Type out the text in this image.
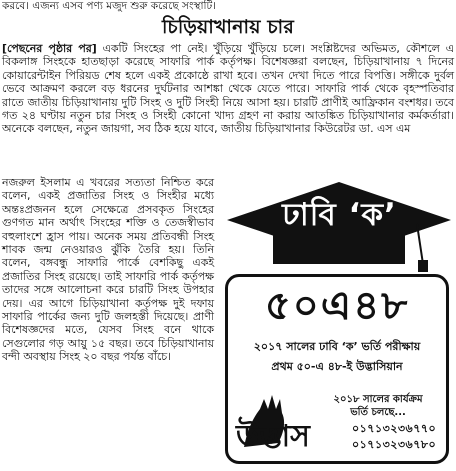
করবে। এজন্য এসব পণ্য মজুদ শুরু করেছে সংস্থাটি।
চিড়িয়াখানায় চার

[পেছনের পৃষ্ঠার পর] একটি সিংহের পা নেই। খুঁড়িয়ে খুঁড়িয়ে চলে। সংশ্লিষ্টদের অভিমত, কৌশলে এ বিকলাঙ্গ সিংহকে হাতছাড়া করেছে সাফারি পার্ক কর্তৃপক্ষ। বিশেষজ্ঞরা বলছেন, চিড়িয়াখানায় ৭ দিনের কোয়ারেন্টাইন পিরিয়ড শেষ হলে একই প্রকোষ্ঠে রাখা হবে। তখন দেখা দিতে পারে বিপত্তি। সঙ্গীকে দুর্বল ভেবে আক্রমণ করলে বড় ধরনের দুর্ঘটনার আশঙ্কা থেকে যেতে পারে। সাফারি পার্ক থেকে বৃহস্পতিবার রাতে জাতীয় চিড়িয়াখানায় দুটি সিংহ ও দুটি সিংহী নিয়ে আসা হয়। চারটি প্রাণীই আফ্রিকান বংশধর। তবে গত ২৪ ঘণ্টায় নতুন চার সিংহ ও সিংহী কোনো খাদ্য গ্রহণ না করায় আতঙ্কিত চিড়িয়াখানার কর্মকর্তারা। অনেকে বলছেন, নতুন জায়গা, সব ঠিক হয়ে যাবে, জাতীয় চিড়িয়াখানার কিউরেটর ডা. এস এম

নজরুল ইসলাম এ খবরের সত্যতা নিশ্চিত করে বলেন, একই প্রজাতির সিংহ ও সিংহীর মধ্যে অন্তঃপ্রজনন হলে সেক্ষেত্রে প্রসবকৃত সিংহের গুণগত মান অর্থাৎ সিংহের শক্তি ও তেজস্বীভাব বহুলাংশে হ্রাস পায়। অনেক সময় প্রতিবন্ধী সিংহ শাবক জন্ম নেওয়ারও ঝুঁকি তৈরি হয়। তিনি বলেন, বঙ্গবন্ধু সাফারি পার্কে বেশকিছু একই প্রজাতির সিংহ রয়েছে। তাই সাফারি পার্ক কর্তৃপক্ষ তাদের সঙ্গে আলোচনা করে চারটি সিংহ উপহার দেয়। এর আগে চিড়িয়াখানা কর্তৃপক্ষ দুই দফায় সাফারি পার্কের জন্য দুটি জলহস্তী দিয়েছে। প্রাণী বিশেষজ্ঞদের মতে, যেসব সিংহ বনে থাকে সেগুলোর গড় আয়ু ১৫ বছর। তবে চিড়িয়াখানায় বন্দী অবস্থায় সিংহ ২০ বছর পর্যন্ত বাঁচে।

ঢাবি ‘ক’
৫০এ৪৮
২০১৭ সালের ঢাবি ‘ক’ ভর্তি পরীক্ষায়
প্রথম ৫০-এ ৪৮-ই উদ্ভাসিয়ান
২০১৮ সালের কার্যক্রম
ভর্তি চলছে...
উদ্ভাস	০১৭১৩২৩৬৭৭০
০১৭১৩২৩৬৭৮০
